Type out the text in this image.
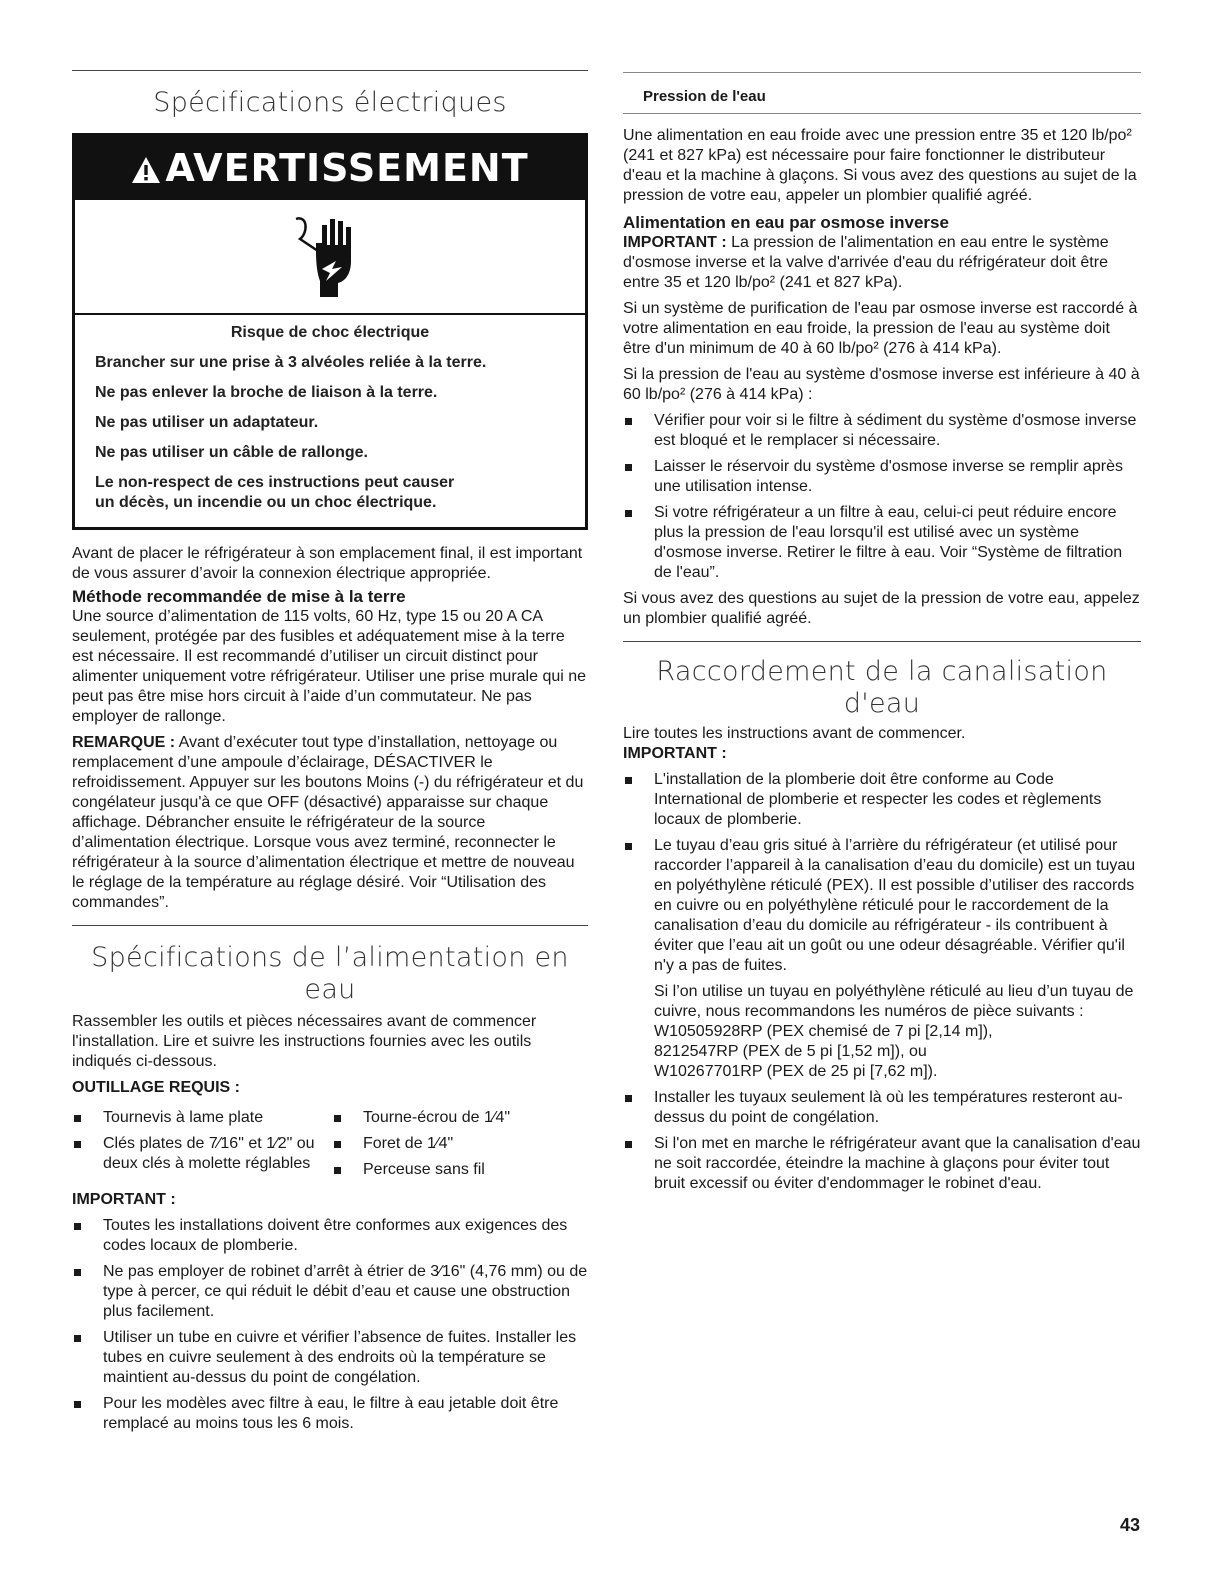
Spécifications électriques
AVERTISSEMENT

Risque de choc électrique

Brancher sur une prise à 3 alvéoles reliée à la terre.

Ne pas enlever la broche de liaison à la terre.

Ne pas utiliser un adaptateur.

Ne pas utiliser un câble de rallonge.

Le non-respect de ces instructions peut causer
un décès, un incendie ou un choc électrique.

Avant de placer le réfrigérateur à son emplacement final, il est important de vous assurer d’avoir la connexion électrique appropriée.

Méthode recommandée de mise à la terre

Une source d’alimentation de 115 volts, 60 Hz, type 15 ou 20 A CA seulement, protégée par des fusibles et adéquatement mise à la terre est nécessaire. Il est recommandé d’utiliser un circuit distinct pour alimenter uniquement votre réfrigérateur. Utiliser une prise murale qui ne peut pas être mise hors circuit à l’aide d’un commutateur. Ne pas employer de rallonge.

REMARQUE : Avant d’exécuter tout type d’installation, nettoyage ou remplacement d’une ampoule d’éclairage, DÉSACTIVER le refroidissement. Appuyer sur les boutons Moins (-) du réfrigérateur et du congélateur jusqu'à ce que OFF (désactivé) apparaisse sur chaque affichage. Débrancher ensuite le réfrigérateur de la source d’alimentation électrique. Lorsque vous avez terminé, reconnecter le réfrigérateur à la source d’alimentation électrique et mettre de nouveau le réglage de la température au réglage désiré. Voir “Utilisation des commandes”.

Spécifications de l’alimentation en eau

Rassembler les outils et pièces nécessaires avant de commencer l'installation. Lire et suivre les instructions fournies avec les outils indiqués ci-dessous.

OUTILLAGE REQUIS :

Tournevis à lame plate
Clés plates de 7⁄16" et 1⁄2" ou deux clés à molette réglables
Tourne-écrou de 1⁄4"
Foret de 1⁄4"
Perceuse sans fil

IMPORTANT :

Toutes les installations doivent être conformes aux exigences des codes locaux de plomberie.
Ne pas employer de robinet d’arrêt à étrier de 3⁄16" (4,76 mm) ou de type à percer, ce qui réduit le débit d’eau et cause une obstruction plus facilement.
Utiliser un tube en cuivre et vérifier l’absence de fuites. Installer les tubes en cuivre seulement à des endroits où la température se maintient au-dessus du point de congélation.
Pour les modèles avec filtre à eau, le filtre à eau jetable doit être remplacé au moins tous les 6 mois.

Pression de l'eau

Une alimentation en eau froide avec une pression entre 35 et 120 lb/po² (241 et 827 kPa) est nécessaire pour faire fonctionner le distributeur d'eau et la machine à glaçons. Si vous avez des questions au sujet de la pression de votre eau, appeler un plombier qualifié agréé.

Alimentation en eau par osmose inverse

IMPORTANT : La pression de l'alimentation en eau entre le système d'osmose inverse et la valve d'arrivée d'eau du réfrigérateur doit être entre 35 et 120 lb/po² (241 et 827 kPa).

Si un système de purification de l'eau par osmose inverse est raccordé à votre alimentation en eau froide, la pression de l'eau au système doit être d'un minimum de 40 à 60 lb/po² (276 à 414 kPa).

Si la pression de l'eau au système d'osmose inverse est inférieure à 40 à 60 lb/po² (276 à 414 kPa) :

Vérifier pour voir si le filtre à sédiment du système d'osmose inverse est bloqué et le remplacer si nécessaire.
Laisser le réservoir du système d'osmose inverse se remplir après une utilisation intense.
Si votre réfrigérateur a un filtre à eau, celui-ci peut réduire encore plus la pression de l'eau lorsqu'il est utilisé avec un système d'osmose inverse. Retirer le filtre à eau. Voir “Système de filtration de l'eau”.

Si vous avez des questions au sujet de la pression de votre eau, appelez un plombier qualifié agréé.

Raccordement de la canalisation d'eau

Lire toutes les instructions avant de commencer.

IMPORTANT :

L'installation de la plomberie doit être conforme au Code International de plomberie et respecter les codes et règlements locaux de plomberie.
Le tuyau d’eau gris situé à l’arrière du réfrigérateur (et utilisé pour raccorder l’appareil à la canalisation d’eau du domicile) est un tuyau en polyéthylène réticulé (PEX). Il est possible d’utiliser des raccords en cuivre ou en polyéthylène réticulé pour le raccordement de la canalisation d’eau du domicile au réfrigérateur - ils contribuent à éviter que l’eau ait un goût ou une odeur désagréable. Vérifier qu'il n'y a pas de fuites.

Si l’on utilise un tuyau en polyéthylène réticulé au lieu d’un tuyau de cuivre, nous recommandons les numéros de pièce suivants :
W10505928RP (PEX chemisé de 7 pi [2,14 m]),
8212547RP (PEX de 5 pi [1,52 m]), ou
W10267701RP (PEX de 25 pi [7,62 m]).

Installer les tuyaux seulement là où les températures resteront au-dessus du point de congélation.
Si l'on met en marche le réfrigérateur avant que la canalisation d'eau ne soit raccordée, éteindre la machine à glaçons pour éviter tout bruit excessif ou éviter d'endommager le robinet d'eau.
43
